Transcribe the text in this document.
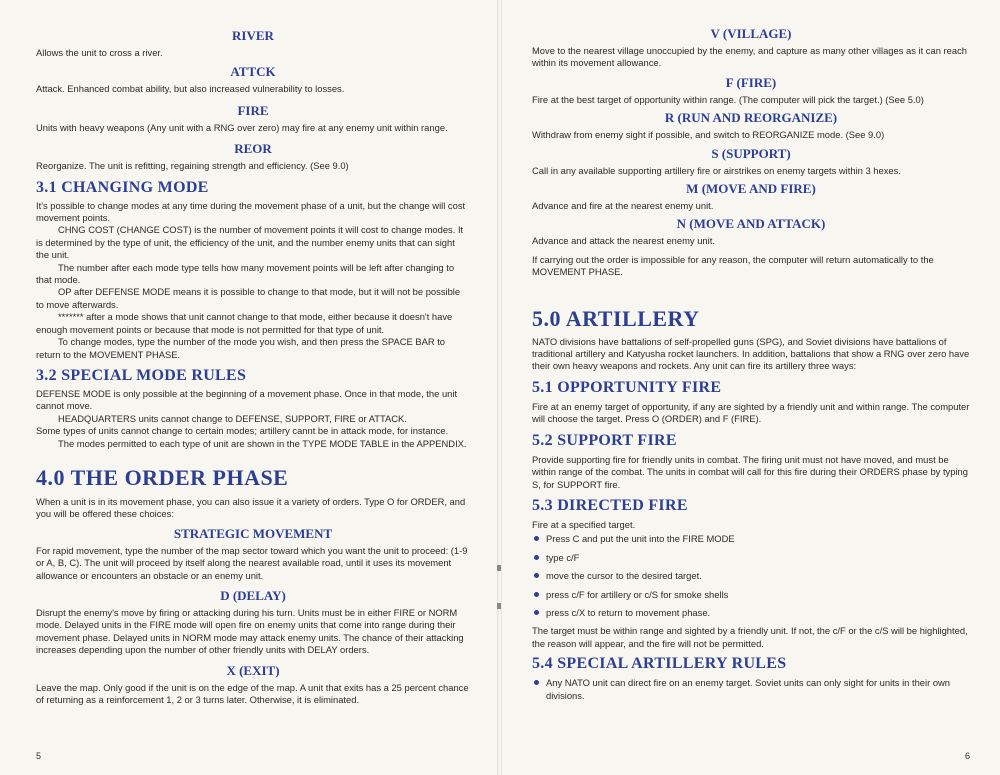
RIVER

Allows the unit to cross a river.

ATTCK

Attack. Enhanced combat ability, but also increased vulnerability to losses.

FIRE

Units with heavy weapons (Any unit with a RNG over zero) may fire at any enemy unit within range.

REOR

Reorganize. The unit is refitting, regaining strength and efficiency. (See 9.0)

3.1 CHANGING MODE

It's possible to change modes at any time during the movement phase of a unit, but the change will cost movement points.

CHNG COST (CHANGE COST) is the number of movement points it will cost to change modes. It is determined by the type of unit, the efficiency of the unit, and the number enemy units that can sight the unit.

The number after each mode type tells how many movement points will be left after changing to that mode.

OP after DEFENSE MODE means it is possible to change to that mode, but it will not be possible to move afterwards.

******* after a mode shows that unit cannot change to that mode, either because it doesn't have enough movement points or because that mode is not permitted for that type of unit.

To change modes, type the number of the mode you wish, and then press the SPACE BAR to return to the MOVEMENT PHASE.

3.2 SPECIAL MODE RULES

DEFENSE MODE is only possible at the beginning of a movement phase. Once in that mode, the unit cannot move.

HEADQUARTERS units cannot change to DEFENSE, SUPPORT, FIRE or ATTACK.

Some types of units cannot change to certain modes; artillery cannt be in attack mode, for instance.

The modes permitted to each type of unit are shown in the TYPE MODE TABLE in the APPENDIX.

4.0 THE ORDER PHASE

When a unit is in its movement phase, you can also issue it a variety of orders. Type O for ORDER, and you will be offered these choices:

STRATEGIC MOVEMENT

For rapid movement, type the number of the map sector toward which you want the unit to proceed: (1-9 or A, B, C). The unit will proceed by itself along the nearest available road, until it uses its movement allowance or encounters an obstacle or an enemy unit.

D (DELAY)

Disrupt the enemy's move by firing or attacking during his turn. Units must be in either FIRE or NORM mode. Delayed units in the FIRE mode will open fire on enemy units that come into range during their movement phase. Delayed units in NORM mode may attack enemy units. The chance of their attacking increases depending upon the number of other friendly units with DELAY orders.

X (EXIT)

Leave the map. Only good if the unit is on the edge of the map. A unit that exits has a 25 percent chance of returning as a reinforcement 1, 2 or 3 turns later. Otherwise, it is eliminated.

5
V (VILLAGE)

Move to the nearest village unoccupied by the enemy, and capture as many other villages as it can reach within its movement allowance.

F (FIRE)

Fire at the best target of opportunity within range. (The computer will pick the target.) (See 5.0)

R (RUN AND REORGANIZE)

Withdraw from enemy sight if possible, and switch to REORGANIZE mode. (See 9.0)

S (SUPPORT)

Call in any available supporting artillery fire or airstrikes on enemy targets within 3 hexes.

M (MOVE AND FIRE)

Advance and fire at the nearest enemy unit.

N (MOVE AND ATTACK)

Advance and attack the nearest enemy unit.

If carrying out the order is impossible for any reason, the computer will return automatically to the MOVEMENT PHASE.

5.0 ARTILLERY

NATO divisions have battalions of self-propelled guns (SPG), and Soviet divisions have battalions of traditional artillery and Katyusha rocket launchers. In addition, battalions that show a RNG over zero have their own heavy weapons and rockets. Any unit can fire its artillery three ways:

5.1 OPPORTUNITY FIRE

Fire at an enemy target of opportunity, if any are sighted by a friendly unit and within range. The computer will choose the target. Press O (ORDER) and F (FIRE).

5.2 SUPPORT FIRE

Provide supporting fire for friendly units in combat. The firing unit must not have moved, and must be within range of the combat. The units in combat will call for this fire during their ORDERS phase by typing S, for SUPPORT fire.

5.3 DIRECTED FIRE

Fire at a specified target.

Press C and put the unit into the FIRE MODE
type c/F
move the cursor to the desired target.
press c/F for artillery or c/S for smoke shells
press c/X to return to movement phase.

The target must be within range and sighted by a friendly unit. If not, the c/F or the c/S will be highlighted, the reason will appear, and the fire will not be permitted.

5.4 SPECIAL ARTILLERY RULES
Any NATO unit can direct fire on an enemy target. Soviet units can only sight for units in their own divisions.
6
